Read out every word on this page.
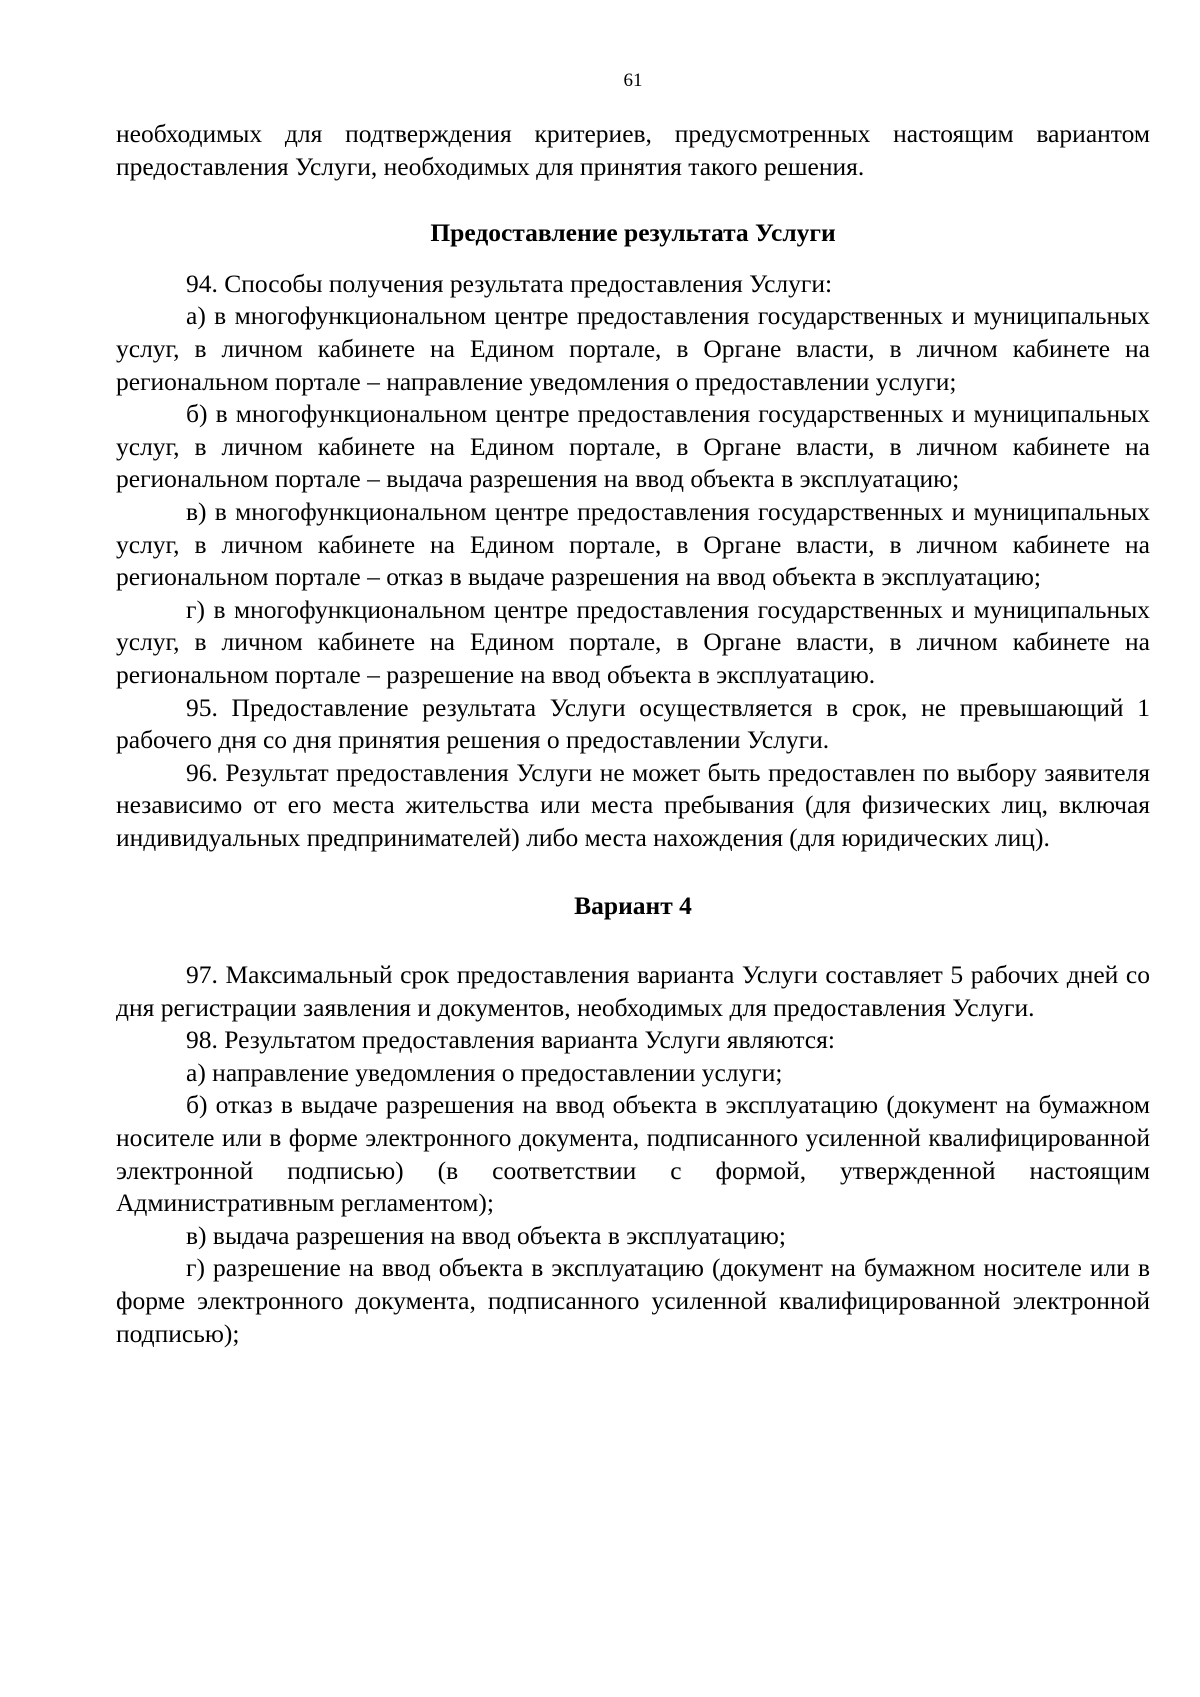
61

необходимых для подтверждения критериев, предусмотренных настоящим вариантом предоставления Услуги, необходимых для принятия такого решения.

Предоставление результата Услуги

94. Способы получения результата предоставления Услуги:

а) в многофункциональном центре предоставления государственных и муниципальных услуг, в личном кабинете на Едином портале, в Органе власти, в личном кабинете на региональном портале – направление уведомления о предоставлении услуги;

б) в многофункциональном центре предоставления государственных и муниципальных услуг, в личном кабинете на Едином портале, в Органе власти, в личном кабинете на региональном портале – выдача разрешения на ввод объекта в эксплуатацию;

в) в многофункциональном центре предоставления государственных и муниципальных услуг, в личном кабинете на Едином портале, в Органе власти, в личном кабинете на региональном портале – отказ в выдаче разрешения на ввод объекта в эксплуатацию;

г) в многофункциональном центре предоставления государственных и муниципальных услуг, в личном кабинете на Едином портале, в Органе власти, в личном кабинете на региональном портале – разрешение на ввод объекта в эксплуатацию.

95. Предоставление результата Услуги осуществляется в срок, не превышающий 1 рабочего дня со дня принятия решения о предоставлении Услуги.

96. Результат предоставления Услуги не может быть предоставлен по выбору заявителя независимо от его места жительства или места пребывания (для физических лиц, включая индивидуальных предпринимателей) либо места нахождения (для юридических лиц).

Вариант 4

97. Максимальный срок предоставления варианта Услуги составляет 5 рабочих дней со дня регистрации заявления и документов, необходимых для предоставления Услуги.

98. Результатом предоставления варианта Услуги являются:

а) направление уведомления о предоставлении услуги;

б) отказ в выдаче разрешения на ввод объекта в эксплуатацию (документ на бумажном носителе или в форме электронного документа, подписанного усиленной квалифицированной электронной подписью) (в соответствии с формой, утвержденной настоящим Административным регламентом);

в) выдача разрешения на ввод объекта в эксплуатацию;

г) разрешение на ввод объекта в эксплуатацию (документ на бумажном носителе или в форме электронного документа, подписанного усиленной квалифицированной электронной подписью);
